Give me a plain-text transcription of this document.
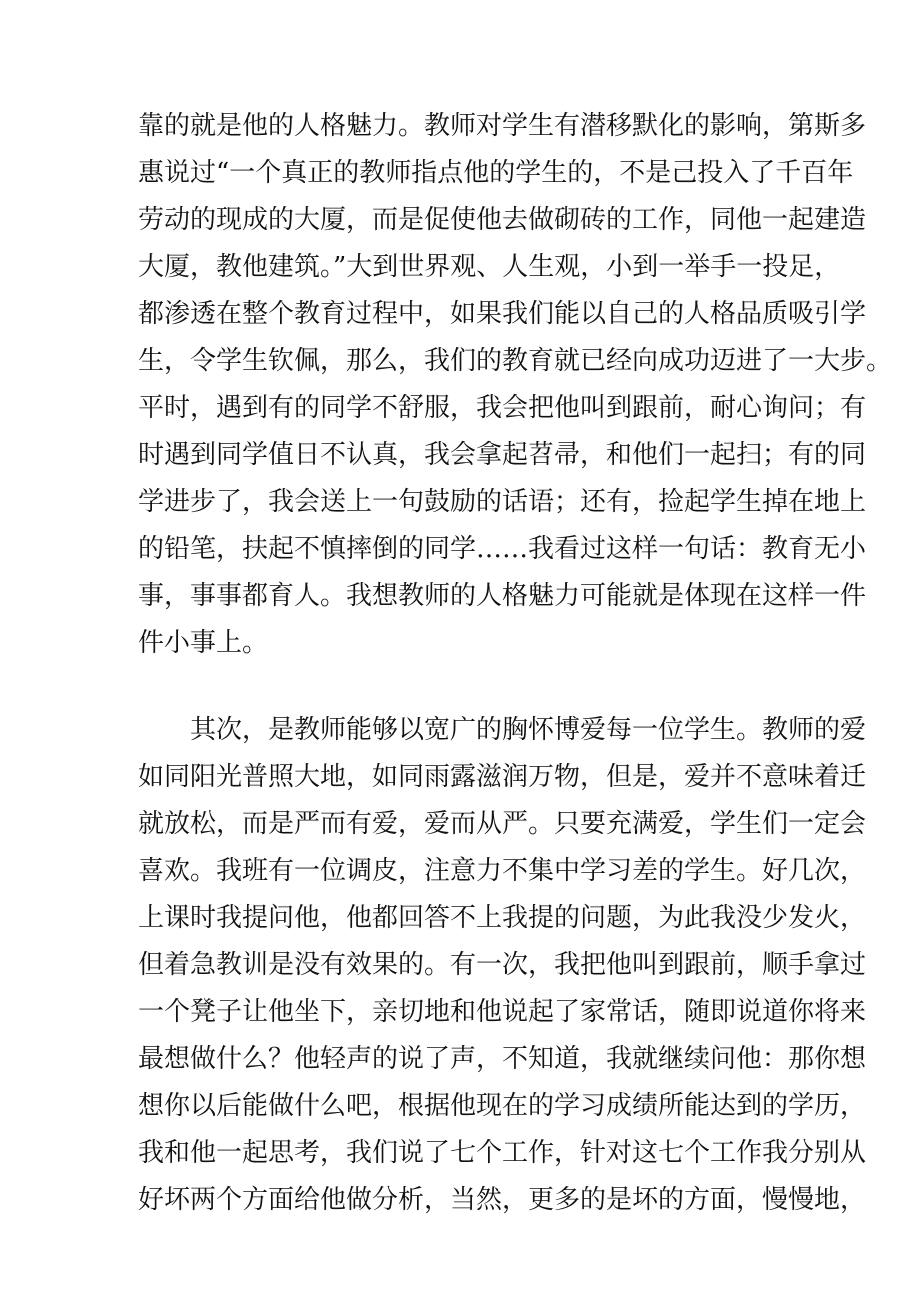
靠的就是他的人格魅力。教师对学生有潜移默化的影响，第斯多
惠说过“一个真正的教师指点他的学生的，不是己投入了千百年
劳动的现成的大厦，而是促使他去做砌砖的工作，同他一起建造
大厦，教他建筑。”大到世界观、人生观，小到一举手一投足，
都渗透在整个教育过程中，如果我们能以自己的人格品质吸引学
生，令学生钦佩，那么，我们的教育就已经向成功迈进了一大步。
平时，遇到有的同学不舒服，我会把他叫到跟前，耐心询问；有
时遇到同学值日不认真，我会拿起苕帚，和他们一起扫；有的同
学进步了，我会送上一句鼓励的话语；还有，捡起学生掉在地上
的铅笔，扶起不慎摔倒的同学……我看过这样一句话：教育无小
事，事事都育人。我想教师的人格魅力可能就是体现在这样一件
件小事上。
其次，是教师能够以宽广的胸怀博爱每一位学生。教师的爱
如同阳光普照大地，如同雨露滋润万物，但是，爱并不意味着迁
就放松，而是严而有爱，爱而从严。只要充满爱，学生们一定会
喜欢。我班有一位调皮，注意力不集中学习差的学生。好几次，
上课时我提问他，他都回答不上我提的问题，为此我没少发火，
但着急教训是没有效果的。有一次，我把他叫到跟前，顺手拿过
一个凳子让他坐下，亲切地和他说起了家常话，随即说道你将来
最想做什么？他轻声的说了声，不知道，我就继续问他：那你想
想你以后能做什么吧，根据他现在的学习成绩所能达到的学历，
我和他一起思考，我们说了七个工作，针对这七个工作我分别从
好坏两个方面给他做分析，当然，更多的是坏的方面，慢慢地，
